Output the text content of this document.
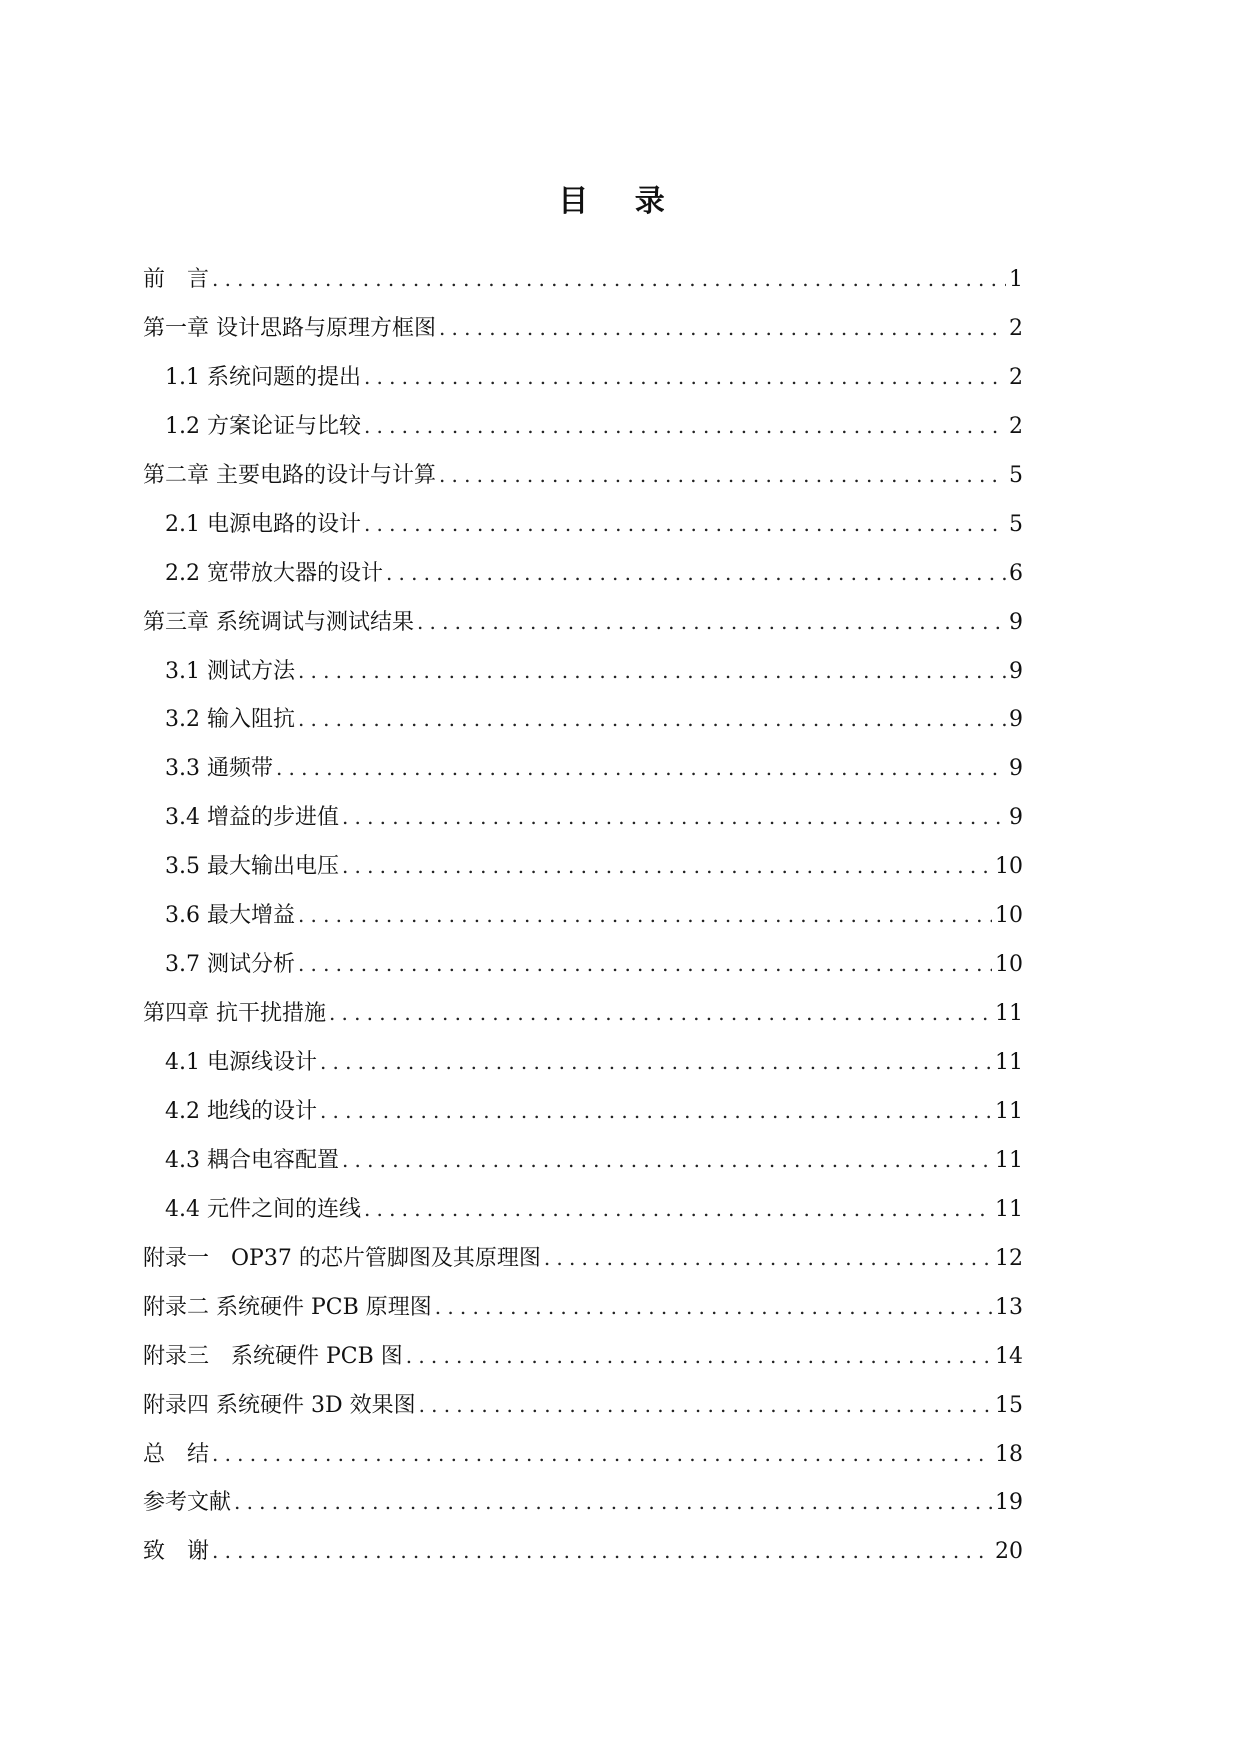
目 录
前　言 .....	1
第一章 设计思路与原理方框图 .....	2
1.1 系统问题的提出 .....	2
1.2 方案论证与比较 .....	2
第二章 主要电路的设计与计算 .....	5
2.1 电源电路的设计 .....	5
2.2 宽带放大器的设计 .....	6
第三章 系统调试与测试结果 .....	9
3.1 测试方法 .....	9
3.2 输入阻抗 .....	9
3.3 通频带 .....	9
3.4 增益的步进值 .....	9
3.5 最大输出电压 .....	10
3.6 最大增益 .....	10
3.7 测试分析 .....	10
第四章 抗干扰措施 .....	11
4.1 电源线设计 .....	11
4.2 地线的设计 .....	11
4.3 耦合电容配置 .....	11
4.4 元件之间的连线 .....	11
附录一　OP37 的芯片管脚图及其原理图 .....	12
附录二 系统硬件 PCB 原理图 .....	13
附录三　系统硬件 PCB 图 .....	14
附录四 系统硬件 3D 效果图 .....	15
总　结 .....	18
参考文献 .....	19
致　谢 .....	20
